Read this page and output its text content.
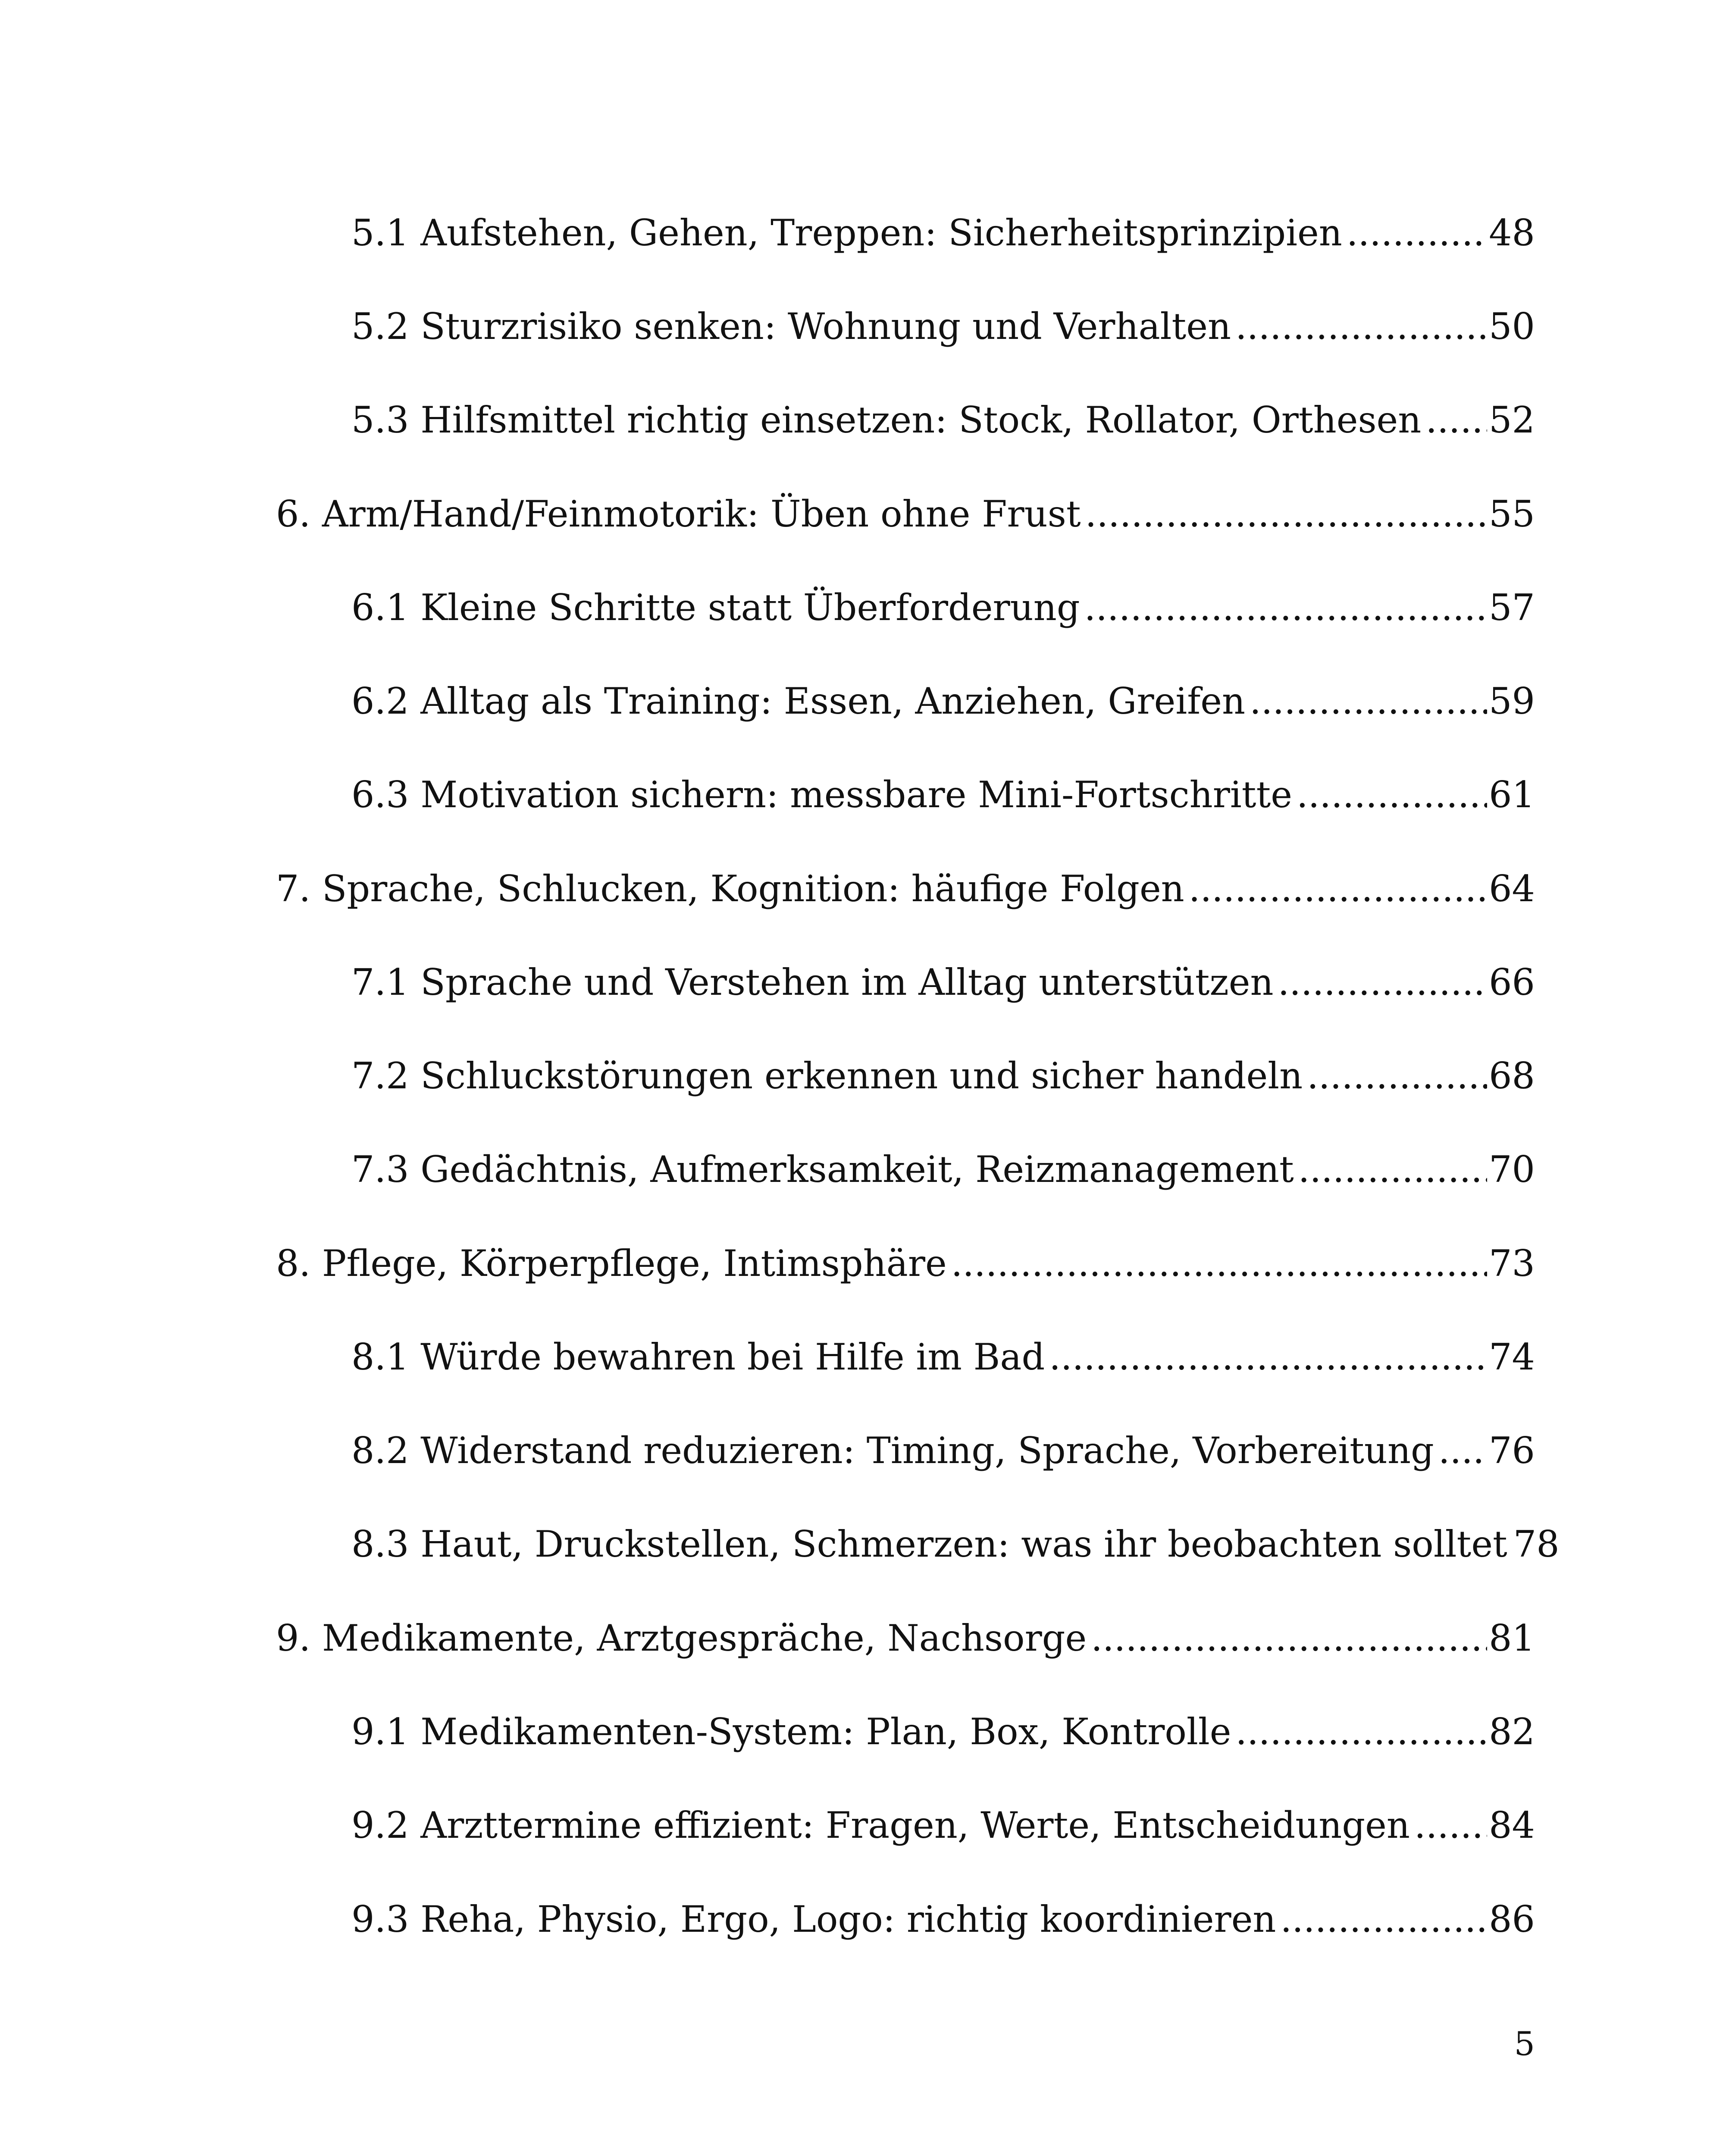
5.1 Aufstehen, Gehen, Treppen: Sicherheitsprinzipien .....	48
5.2 Sturzrisiko senken: Wohnung und Verhalten .....	50
5.3 Hilfsmittel richtig einsetzen: Stock, Rollator, Orthesen ..... 52
6. Arm/Hand/Feinmotorik: Üben ohne Frust .....	55
6.1 Kleine Schritte statt Überforderung .....	57
6.2 Alltag als Training: Essen, Anziehen, Greifen .....	59
6.3 Motivation sichern: messbare Mini-Fortschritte .....	61
7. Sprache, Schlucken, Kognition: häufige Folgen .....	64
7.1 Sprache und Verstehen im Alltag unterstützen .....	66
7.2 Schluckstörungen erkennen und sicher handeln .....	68
7.3 Gedächtnis, Aufmerksamkeit, Reizmanagement .....	70
8. Pflege, Körperpflege, Intimsphäre .....	73
8.1 Würde bewahren bei Hilfe im Bad .....	74
8.2 Widerstand reduzieren: Timing, Sprache, Vorbereitung ..... 76
8.3 Haut, Druckstellen, Schmerzen: was ihr beobachten solltet 78
9. Medikamente, Arztgespräche, Nachsorge .....	81
9.1 Medikamenten-System: Plan, Box, Kontrolle .....	82
9.2 Arzttermine effizient: Fragen, Werte, Entscheidungen ..... 84
9.3 Reha, Physio, Ergo, Logo: richtig koordinieren .....	86
5
